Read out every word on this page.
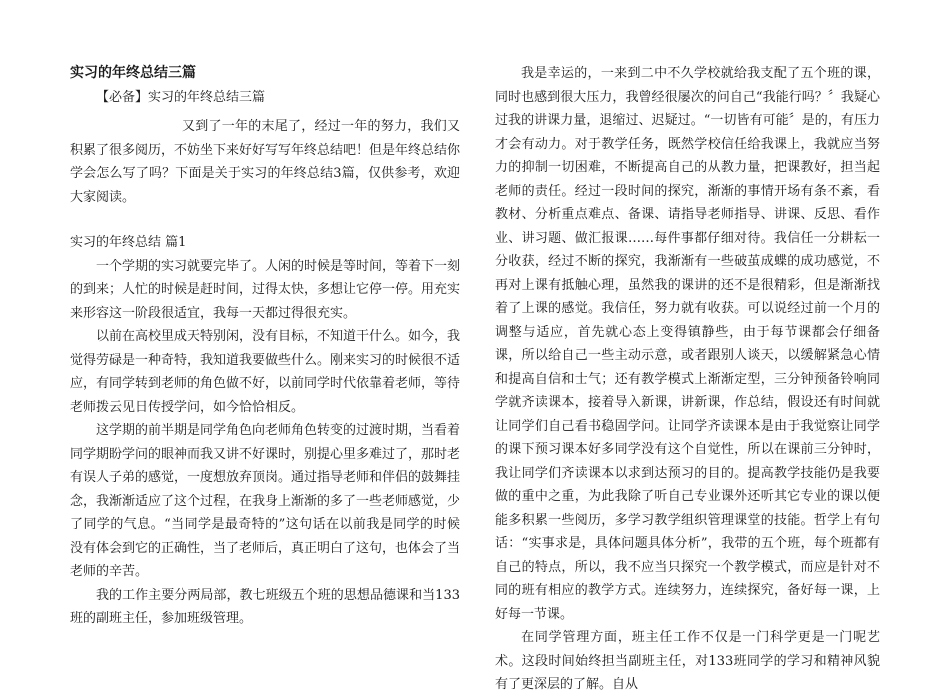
实习的年终总结三篇

【必备】实习的年终总结三篇

又到了一年的末尾了，经过一年的努力，我们又积累了很多阅历，不妨坐下来好好写写年终总结吧！但是年终总结你学会怎么写了吗？下面是关于实习的年终总结3篇，仅供参考，欢迎大家阅读。

实习的年终总结 篇1

一个学期的实习就要完毕了。人闲的时候是等时间，等着下一刻的到来；人忙的时候是赶时间，过得太快，多想让它停一停。用充实来形容这一阶段很适宜，我每一天都过得很充实。

以前在高校里成天特别闲，没有目标，不知道干什么。如今，我觉得劳碌是一种奇特，我知道我要做些什么。刚来实习的时候很不适应，有同学转到老师的角色做不好，以前同学时代依靠着老师，等待老师拨云见日传授学问，如今恰恰相反。

这学期的前半期是同学角色向老师角色转变的过渡时期，当看着同学期盼学问的眼神而我又讲不好课时，别提心里多难过了，那时老有误人子弟的感觉，一度想放弃顶岗。通过指导老师和伴侣的鼓舞挂念，我渐渐适应了这个过程，在我身上渐渐的多了一些老师感觉，少了同学的气息。“当同学是最奇特的”这句话在以前我是同学的时候没有体会到它的正确性，当了老师后，真正明白了这句，也体会了当老师的辛苦。

我的工作主要分两局部，教七班级五个班的思想品德课和当133班的副班主任，参加班级管理。

我是幸运的，一来到二中不久学校就给我支配了五个班的课，同时也感到很大压力，我曾经很屡次的问自己“我能行吗？〞我疑心过我的讲课力量，退缩过、迟疑过。“一切皆有可能〞是的，有压力才会有动力。对于教学任务，既然学校信任给我课上，我就应当努力的抑制一切困难，不断提高自己的从教力量，把课教好，担当起老师的责任。经过一段时间的探究，渐渐的事情开场有条不紊，看教材、分析重点难点、备课、请指导老师指导、讲课、反思、看作业、讲习题、做汇报课……每件事都仔细对待。我信任一分耕耘一分收获，经过不断的探究，我渐渐有一些破茧成蝶的成功感觉，不再对上课有抵触心理，虽然我的课讲的还不是很精彩，但是渐渐找着了上课的感觉。我信任，努力就有收获。可以说经过前一个月的调整与适应，首先就心态上变得镇静些，由于每节课都会仔细备课，所以给自己一些主动示意，或者跟别人谈天，以缓解紧急心情和提高自信和士气；还有教学模式上渐渐定型，三分钟预备铃响同学就齐读课本，接着导入新课，讲新课，作总结，假设还有时间就让同学们自己看书稳固学问。让同学齐读课本是由于我觉察让同学的课下预习课本好多同学没有这个自觉性，所以在课前三分钟时，我让同学们齐读课本以求到达预习的目的。提高教学技能仍是我要做的重中之重，为此我除了听自己专业课外还听其它专业的课以便能多积累一些阅历，多学习教学组织管理课堂的技能。哲学上有句话：“实事求是，具体问题具体分析”，我带的五个班，每个班都有自己的特点，所以，我不应当只探究一个教学模式，而应是针对不同的班有相应的教学方式。连续努力，连续探究，备好每一课，上好每一节课。

在同学管理方面，班主任工作不仅是一门科学更是一门呢艺术。这段时间始终担当副班主任，对133班同学的学习和精神风貌有了更深层的了解。自从
